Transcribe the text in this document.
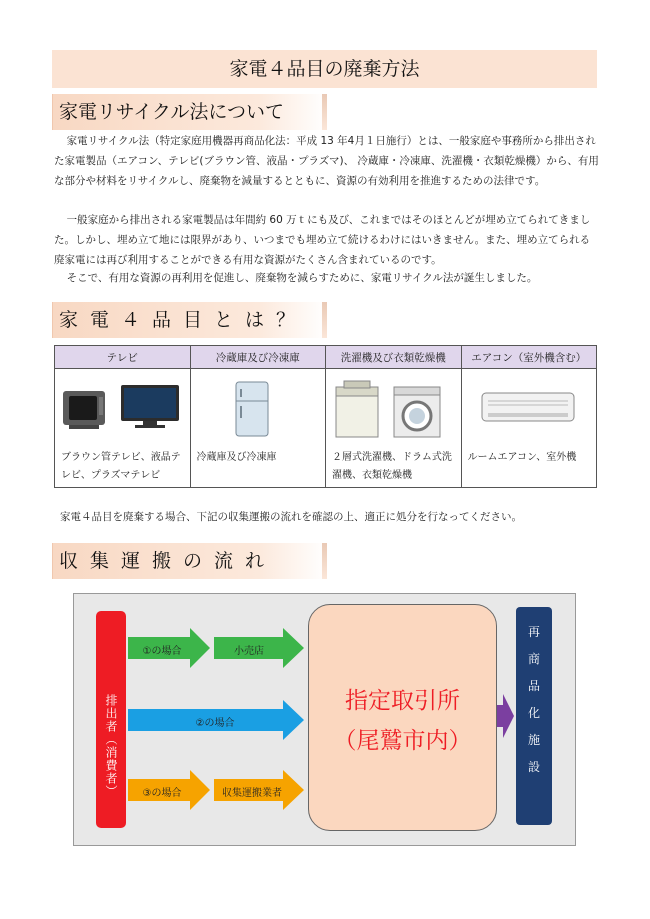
家電４品目の廃棄方法
家電リサイクル法について

家電リサイクル法（特定家庭用機器再商品化法：平成 13 年4月１日施行）とは、一般家庭や事務所から排出された家電製品（エアコン、テレビ(ブラウン管、液晶・プラズマ)、 冷蔵庫・冷凍庫、洗濯機・衣類乾燥機）から、有用な部分や材料をリサイクルし、廃棄物を減量するとともに、資源の有効利用を推進するための法律です。

一般家庭から排出される家電製品は年間約 60 万ｔにも及び、これまではそのほとんどが埋め立てられてきました。しかし、埋め立て地には限界があり、いつまでも埋め立て続けるわけにはいきません。また、埋め立てられる廃家電には再び利用することができる有用な資源がたくさん含まれているのです。

そこで、有用な資源の再利用を促進し、廃棄物を減らすために、家電リサイクル法が誕生しました。

家電４品目とは？
テレビ	冷蔵庫及び冷凍庫	洗濯機及び衣類乾燥機	エアコン（室外機含む）

ブラウン管テレビ、液晶テレビ、プラズマテレビ	冷蔵庫及び冷凍庫	２層式洗濯機、ドラム式洗濯機、衣類乾燥機	ルームエアコン、室外機

家電４品目を廃棄する場合、下記の収集運搬の流れを確認の上、適正に処分を行なってください。

収集運搬の流れ
排出者（消費者）
①の場合	小売店
②の場合
③の場合	収集運搬業者
指定取引所
（尾鷲市内）
再
商
品
化
施
設
